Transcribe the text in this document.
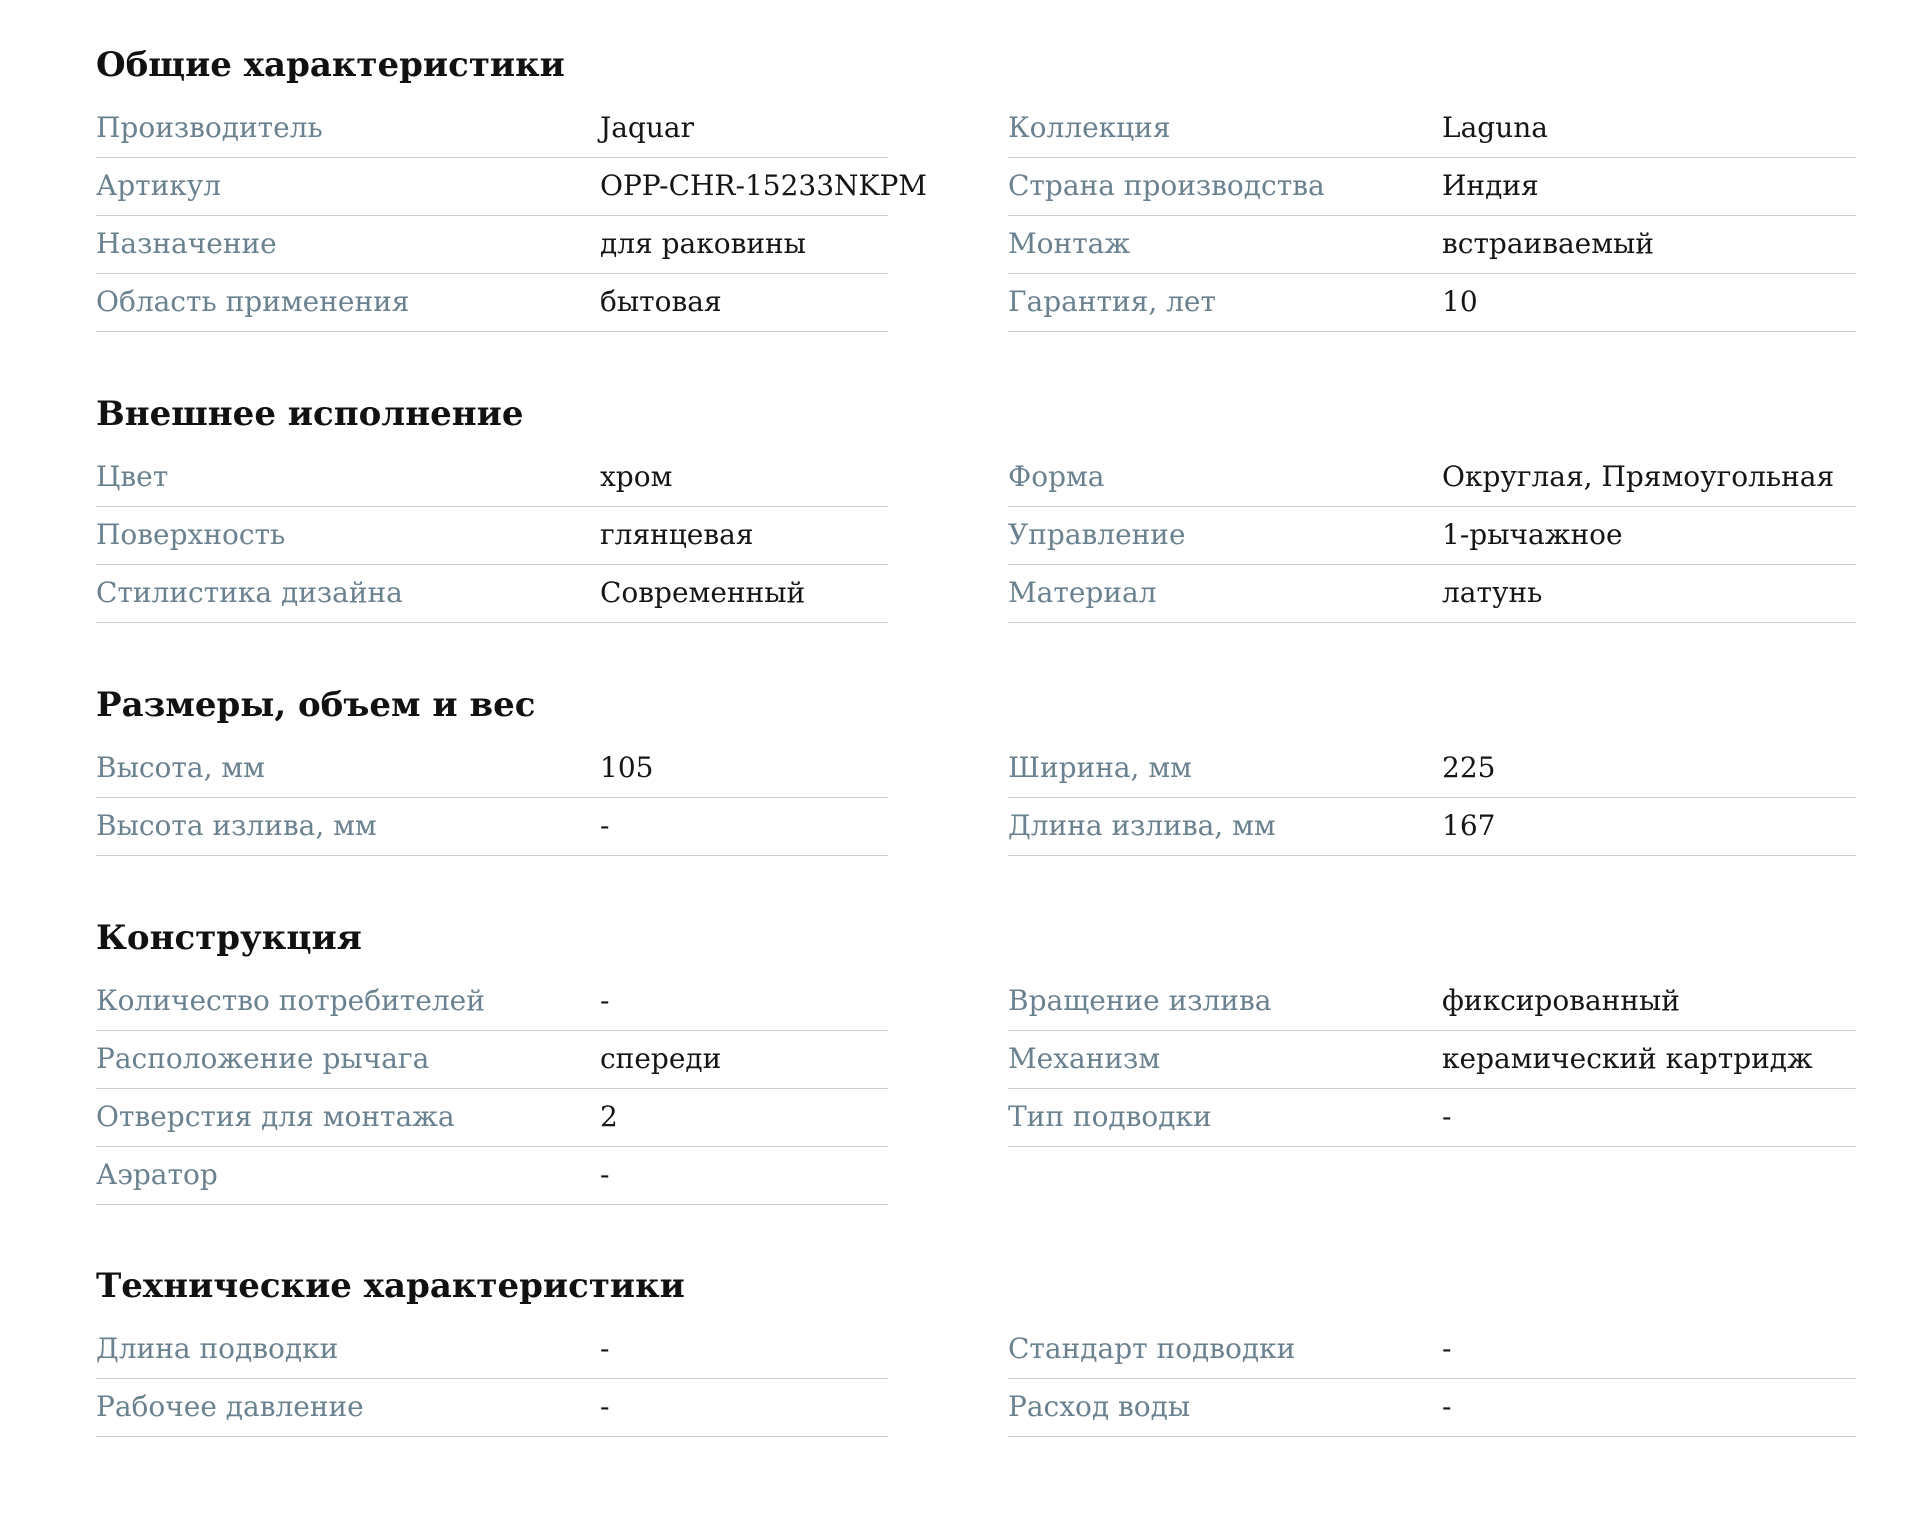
Общие характеристики
Производитель	Jaquar
Артикул	OPP-CHR-15233NKPM
Назначение	для раковины
Область применения	бытовая
Коллекция	Laguna
Страна производства	Индия
Монтаж	встраиваемый
Гарантия, лет	10
Внешнее исполнение
Цвет	хром
Поверхность	глянцевая
Стилистика дизайна	Современный
Форма	Округлая, Прямоугольная
Управление	1-рычажное
Материал	латунь
Размеры, объем и вес
Высота, мм	105
Высота излива, мм	-
Ширина, мм	225
Длина излива, мм	167
Конструкция
Количество потребителей	-
Расположение рычага	спереди
Отверстия для монтажа	2
Аэратор	-
Вращение излива	фиксированный
Механизм	керамический картридж
Тип подводки	-
Технические характеристики
Длина подводки	-
Рабочее давление	-
Стандарт подводки	-
Расход воды	-
